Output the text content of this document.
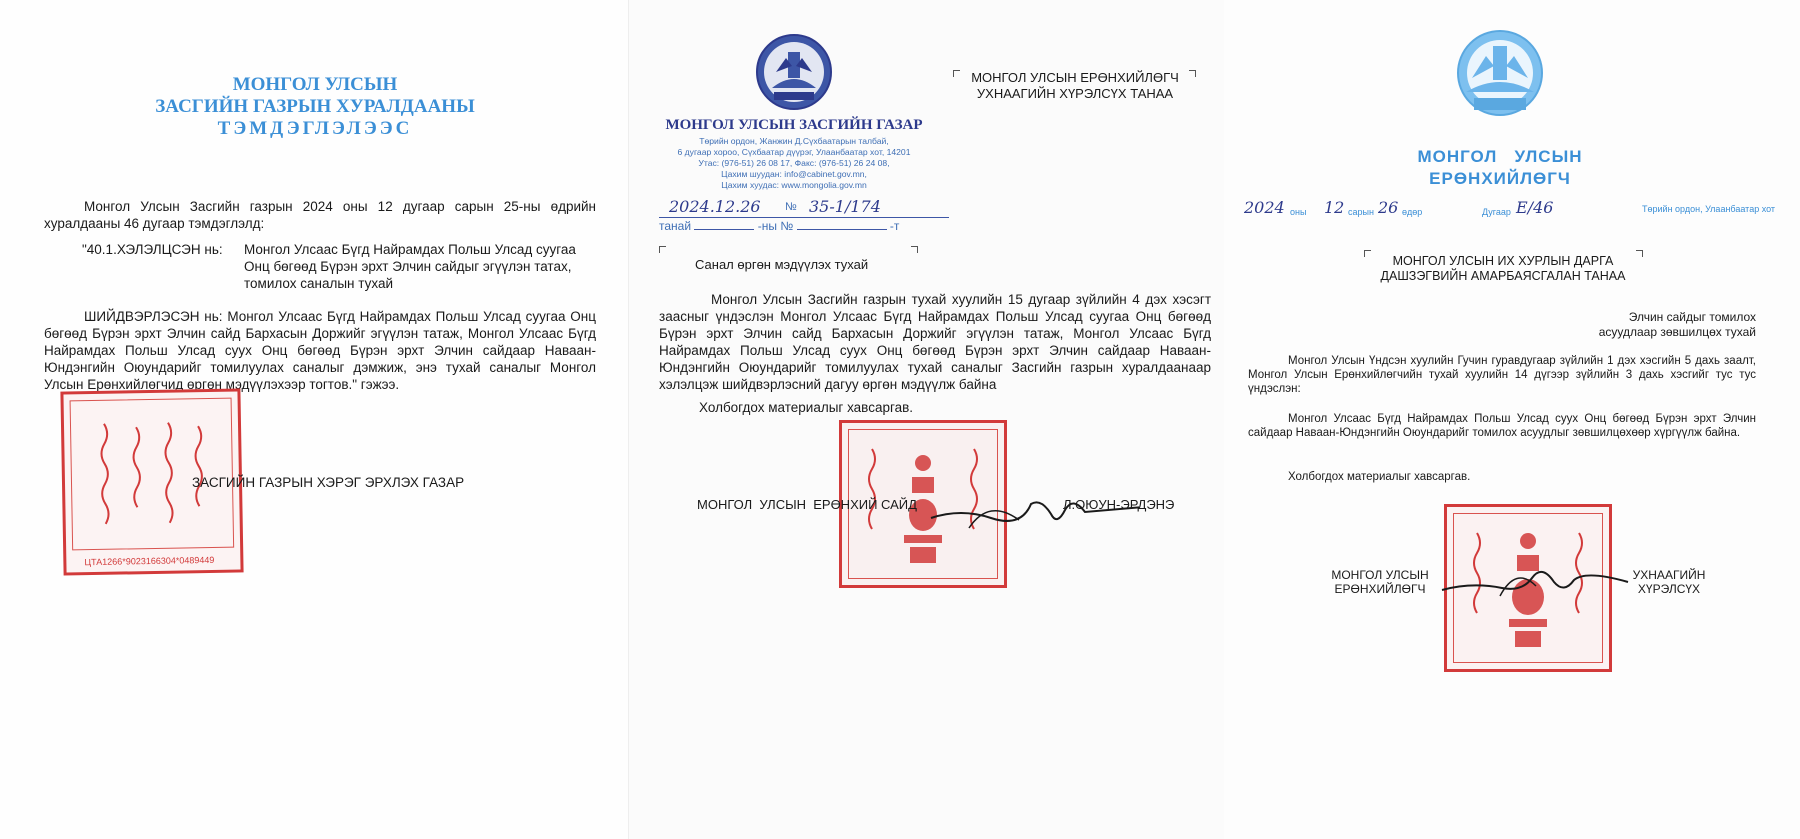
МОНГОЛ УЛСЫН
ЗАСГИЙН ГАЗРЫН ХУРАЛДААНЫ
ТЭМДЭГЛЭЛЭЭС
Монгол Улсын Засгийн газрын 2024 оны 12 дугаар сарын 25-ны өдрийн хуралдааны 46 дугаар тэмдэглэлд:
"40.1.ХЭЛЭЛЦСЭН нь:	Монгол Улсаас Бүгд Найрамдах Польш Улсад суугаа Онц бөгөөд Бүрэн эрхт Элчин сайдыг эгүүлэн татах, томилох саналын тухай
ШИЙДВЭРЛЭСЭН нь: Монгол Улсаас Бүгд Найрамдах Польш Улсад суугаа Онц бөгөөд Бүрэн эрхт Элчин сайд Бархасын Доржийг эгүүлэн татаж, Монгол Улсаас Бүгд Найрамдах Польш Улсад суух Онц бөгөөд Бүрэн эрхт Элчин сайдаар Наваан-Юндэнгийн Оюундарийг томилуулах саналыг дэмжиж, энэ тухай саналыг Монгол Улсын Ерөнхийлөгчид өргөн мэдүүлэхээр тогтов." гэжээ.
ЦТА1266*9023166304*0489449
ЗАСГИЙН ГАЗРЫН ХЭРЭГ ЭРХЛЭХ ГАЗАР
МОНГОЛ УЛСЫН ЗАСГИЙН ГАЗАР
Төрийн ордон, Жанжин Д.Сүхбаатарын талбай,
6 дугаар хороо, Сүхбаатар дүүрэг, Улаанбаатар хот, 14201
Утас: (976-51) 26 08 17, Факс: (976-51) 26 24 08,
Цахим шуудан: info@cabinet.gov.mn,
Цахим хуудас: www.mongolia.gov.mn
2024.12.26 № 35-1/174
танай	-ны №	-т
МОНГОЛ УЛСЫН ЕРӨНХИЙЛӨГЧ
УХНААГИЙН ХҮРЭЛСҮХ ТАНАА
Санал өргөн мэдүүлэх тухай
Монгол Улсын Засгийн газрын тухай хуулийн 15 дугаар зүйлийн 4 дэх хэсэгт заасныг үндэслэн Монгол Улсаас Бүгд Найрамдах Польш Улсад суугаа Онц бөгөөд Бүрэн эрхт Элчин сайд Бархасын Доржийг эгүүлэн татаж, Монгол Улсаас Бүгд Найрамдах Польш Улсад суух Онц бөгөөд Бүрэн эрхт Элчин сайдаар Наваан-Юндэнгийн Оюундарийг томилуулах тухай саналыг Засгийн газрын хуралдаанаар хэлэлцэж шийдвэрлэсний дагуу өргөн мэдүүлж байна
Холбогдох материалыг хавсаргав.
МОНГОЛ  УЛСЫН  ЕРӨНХИЙ САЙД	Л.ОЮУН-ЭРДЭНЭ
МОНГОЛ   УЛСЫН
ЕРӨНХИЙЛӨГЧ
2024 оны 12 сарын 26 өдөр	Дугаар Е/46	Төрийн ордон, Улаанбаатар хот
МОНГОЛ УЛСЫН ИХ ХУРЛЫН ДАРГА
ДАШЗЭГВИЙН АМАРБАЯСГАЛАН ТАНАА
Элчин сайдыг томилох
асуудлаар зөвшилцөх тухай
Монгол Улсын Үндсэн хуулийн Гучин гуравдугаар зүйлийн 1 дэх хэсгийн 5 дахь заалт, Монгол Улсын Ерөнхийлөгчийн тухай хуулийн 14 дүгээр зүйлийн 3 дахь хэсгийг тус тус үндэслэн:
Монгол Улсаас Бүгд Найрамдах Польш Улсад суух Онц бөгөөд Бүрэн эрхт Элчин сайдаар Наваан-Юндэнгийн Оюундарийг томилох асуудлыг зөвшилцөхөөр хүргүүлж байна.
Холбогдох материалыг хавсаргав.
МОНГОЛ УЛСЫН
ЕРӨНХИЙЛӨГЧ
УХНААГИЙН
ХҮРЭЛСҮХ
